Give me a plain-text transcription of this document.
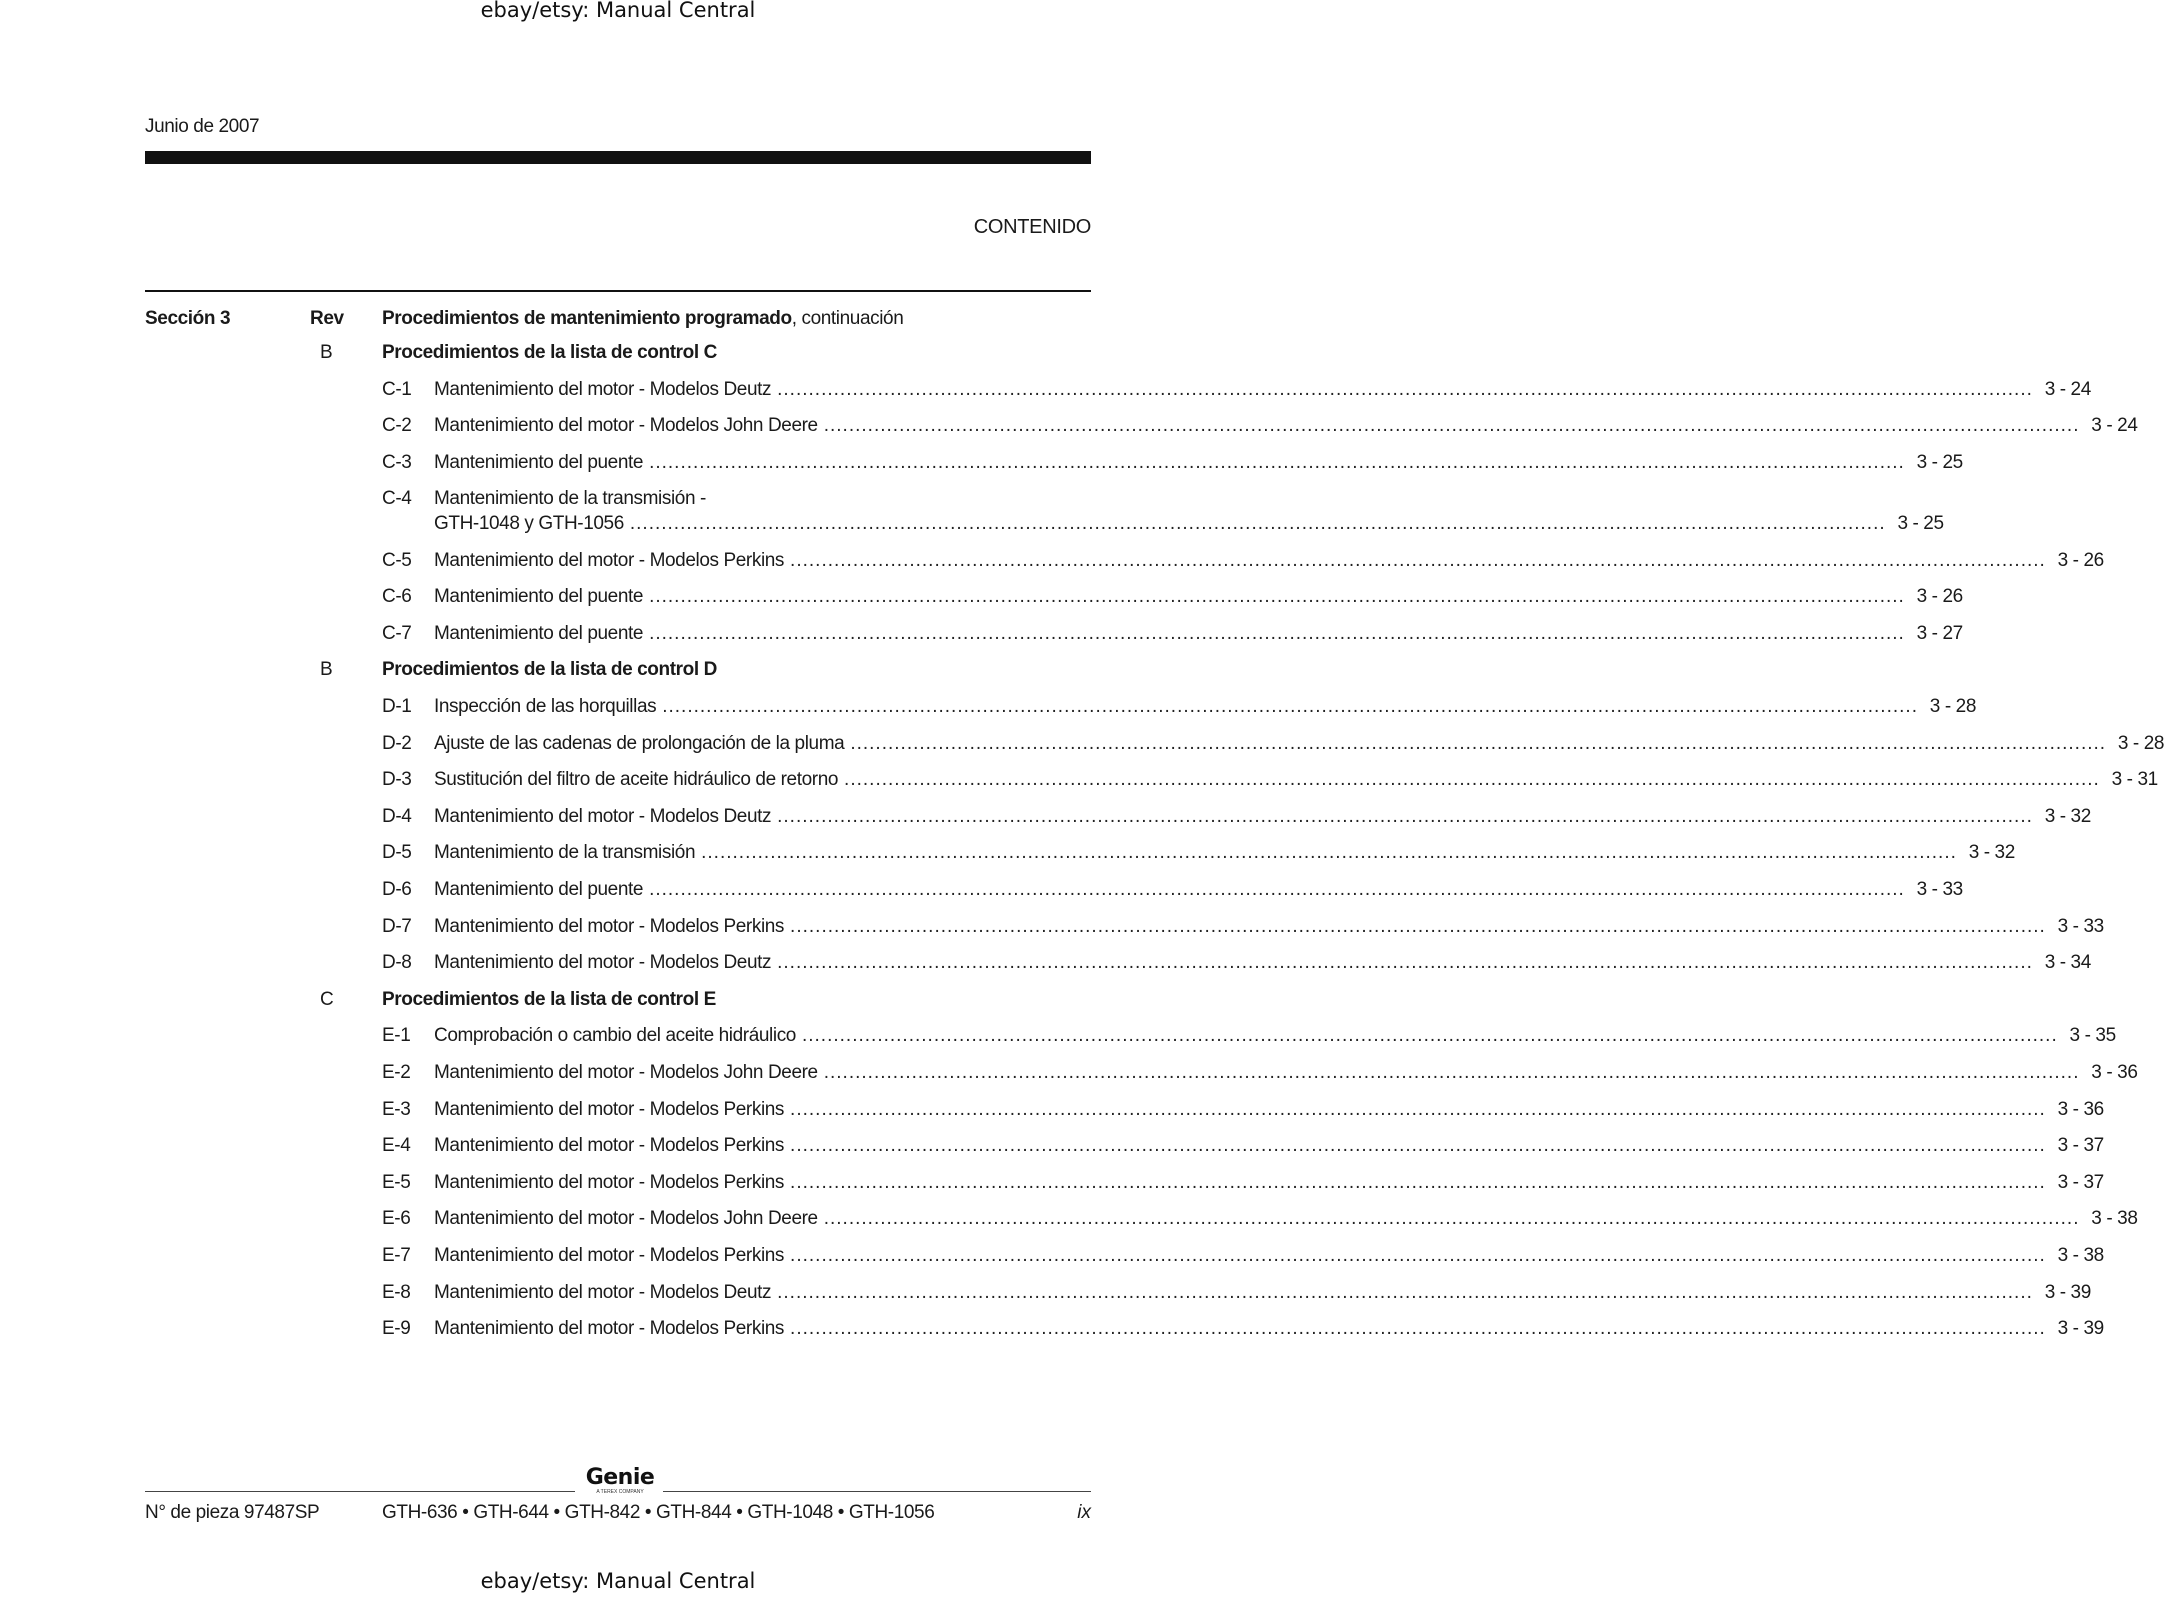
ebay/etsy: Manual Central
Junio de 2007
CONTENIDO
Sección 3	Rev Procedimientos de mantenimiento programado, continuación
B	Procedimientos de la lista de control C
C-1 Mantenimiento del motor - Modelos Deutz ........................................................................................................................................................................................................ 3 - 24
C-2 Mantenimiento del motor - Modelos John Deere ........................................................................................................................................................................................................ 3 - 24
C-3 Mantenimiento del puente ........................................................................................................................................................................................................ 3 - 25
C-4 Mantenimiento de la transmisión -
GTH-1048 y GTH-1056 ........................................................................................................................................................................................................ 3 - 25
C-5 Mantenimiento del motor - Modelos Perkins ........................................................................................................................................................................................................ 3 - 26
C-6 Mantenimiento del puente ........................................................................................................................................................................................................ 3 - 26
C-7 Mantenimiento del puente ........................................................................................................................................................................................................ 3 - 27
B	Procedimientos de la lista de control D
D-1 Inspección de las horquillas ........................................................................................................................................................................................................ 3 - 28
D-2 Ajuste de las cadenas de prolongación de la pluma ........................................................................................................................................................................................................ 3 - 28
D-3 Sustitución del filtro de aceite hidráulico de retorno ........................................................................................................................................................................................................ 3 - 31
D-4 Mantenimiento del motor - Modelos Deutz ........................................................................................................................................................................................................ 3 - 32
D-5 Mantenimiento de la transmisión ........................................................................................................................................................................................................ 3 - 32
D-6 Mantenimiento del puente ........................................................................................................................................................................................................ 3 - 33
D-7 Mantenimiento del motor - Modelos Perkins ........................................................................................................................................................................................................ 3 - 33
D-8 Mantenimiento del motor - Modelos Deutz ........................................................................................................................................................................................................ 3 - 34
C	Procedimientos de la lista de control E
E-1 Comprobación o cambio del aceite hidráulico ........................................................................................................................................................................................................ 3 - 35
E-2 Mantenimiento del motor - Modelos John Deere ........................................................................................................................................................................................................ 3 - 36
E-3 Mantenimiento del motor - Modelos Perkins ........................................................................................................................................................................................................ 3 - 36
E-4 Mantenimiento del motor - Modelos Perkins ........................................................................................................................................................................................................ 3 - 37
E-5 Mantenimiento del motor - Modelos Perkins ........................................................................................................................................................................................................ 3 - 37
E-6 Mantenimiento del motor - Modelos John Deere ........................................................................................................................................................................................................ 3 - 38
E-7 Mantenimiento del motor - Modelos Perkins ........................................................................................................................................................................................................ 3 - 38
E-8 Mantenimiento del motor - Modelos Deutz ........................................................................................................................................................................................................ 3 - 39
E-9 Mantenimiento del motor - Modelos Perkins ........................................................................................................................................................................................................ 3 - 39
Genie
A TEREX COMPANY
N° de pieza 97487SP	GTH-636 • GTH-644 • GTH-842 • GTH-844 • GTH-1048 • GTH-1056	ix
ebay/etsy: Manual Central
